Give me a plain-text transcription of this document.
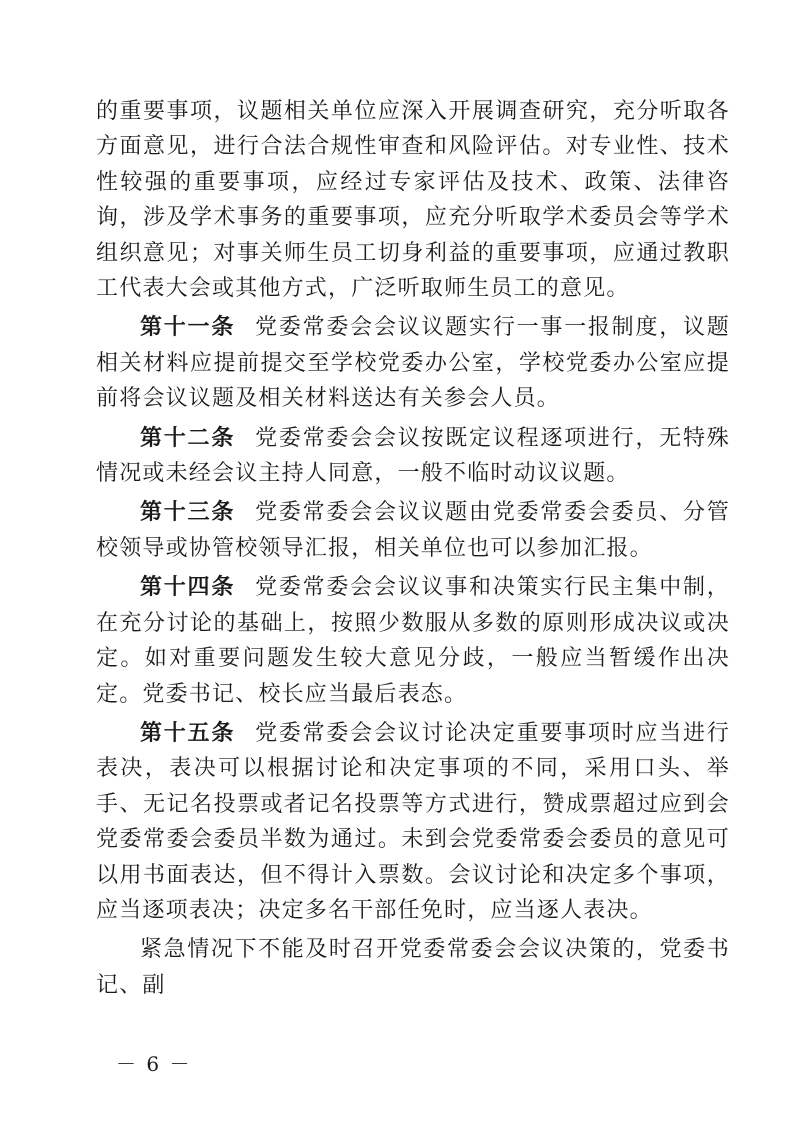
的重要事项，议题相关单位应深入开展调查研究，充分听取各方面意见，进行合法合规性审查和风险评估。对专业性、技术性较强的重要事项，应经过专家评估及技术、政策、法律咨询，涉及学术事务的重要事项，应充分听取学术委员会等学术组织意见；对事关师生员工切身利益的重要事项，应通过教职工代表大会或其他方式，广泛听取师生员工的意见。

第十一条 党委常委会会议议题实行一事一报制度，议题相关材料应提前提交至学校党委办公室，学校党委办公室应提前将会议议题及相关材料送达有关参会人员。

第十二条 党委常委会会议按既定议程逐项进行，无特殊情况或未经会议主持人同意，一般不临时动议议题。

第十三条 党委常委会会议议题由党委常委会委员、分管校领导或协管校领导汇报，相关单位也可以参加汇报。

第十四条 党委常委会会议议事和决策实行民主集中制，在充分讨论的基础上，按照少数服从多数的原则形成决议或决定。如对重要问题发生较大意见分歧，一般应当暂缓作出决定。党委书记、校长应当最后表态。

第十五条 党委常委会会议讨论决定重要事项时应当进行表决，表决可以根据讨论和决定事项的不同，采用口头、举手、无记名投票或者记名投票等方式进行，赞成票超过应到会党委常委会委员半数为通过。未到会党委常委会委员的意见可以用书面表达，但不得计入票数。会议讨论和决定多个事项，应当逐项表决；决定多名干部任免时，应当逐人表决。

紧急情况下不能及时召开党委常委会会议决策的，党委书记、副

－ 6 －
